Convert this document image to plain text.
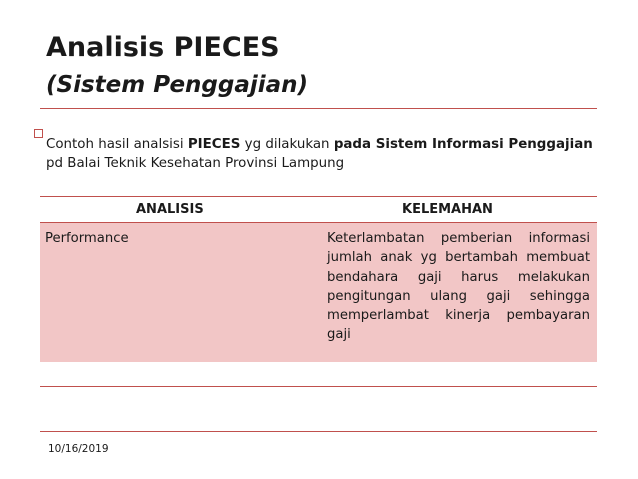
Analisis PIECES
(Sistem Penggajian)
Contoh hasil analsisi PIECES yg dilakukan pada Sistem Informasi Penggajian pd Balai Teknik Kesehatan Provinsi Lampung
ANALISIS	KELEMAHAN
Performance	Keterlambatan pemberian informasi jumlah anak yg bertambah membuat bendahara gaji harus melakukan pengitungan ulang gaji sehingga memperlambat kinerja pembayaran gaji
10/16/2019
